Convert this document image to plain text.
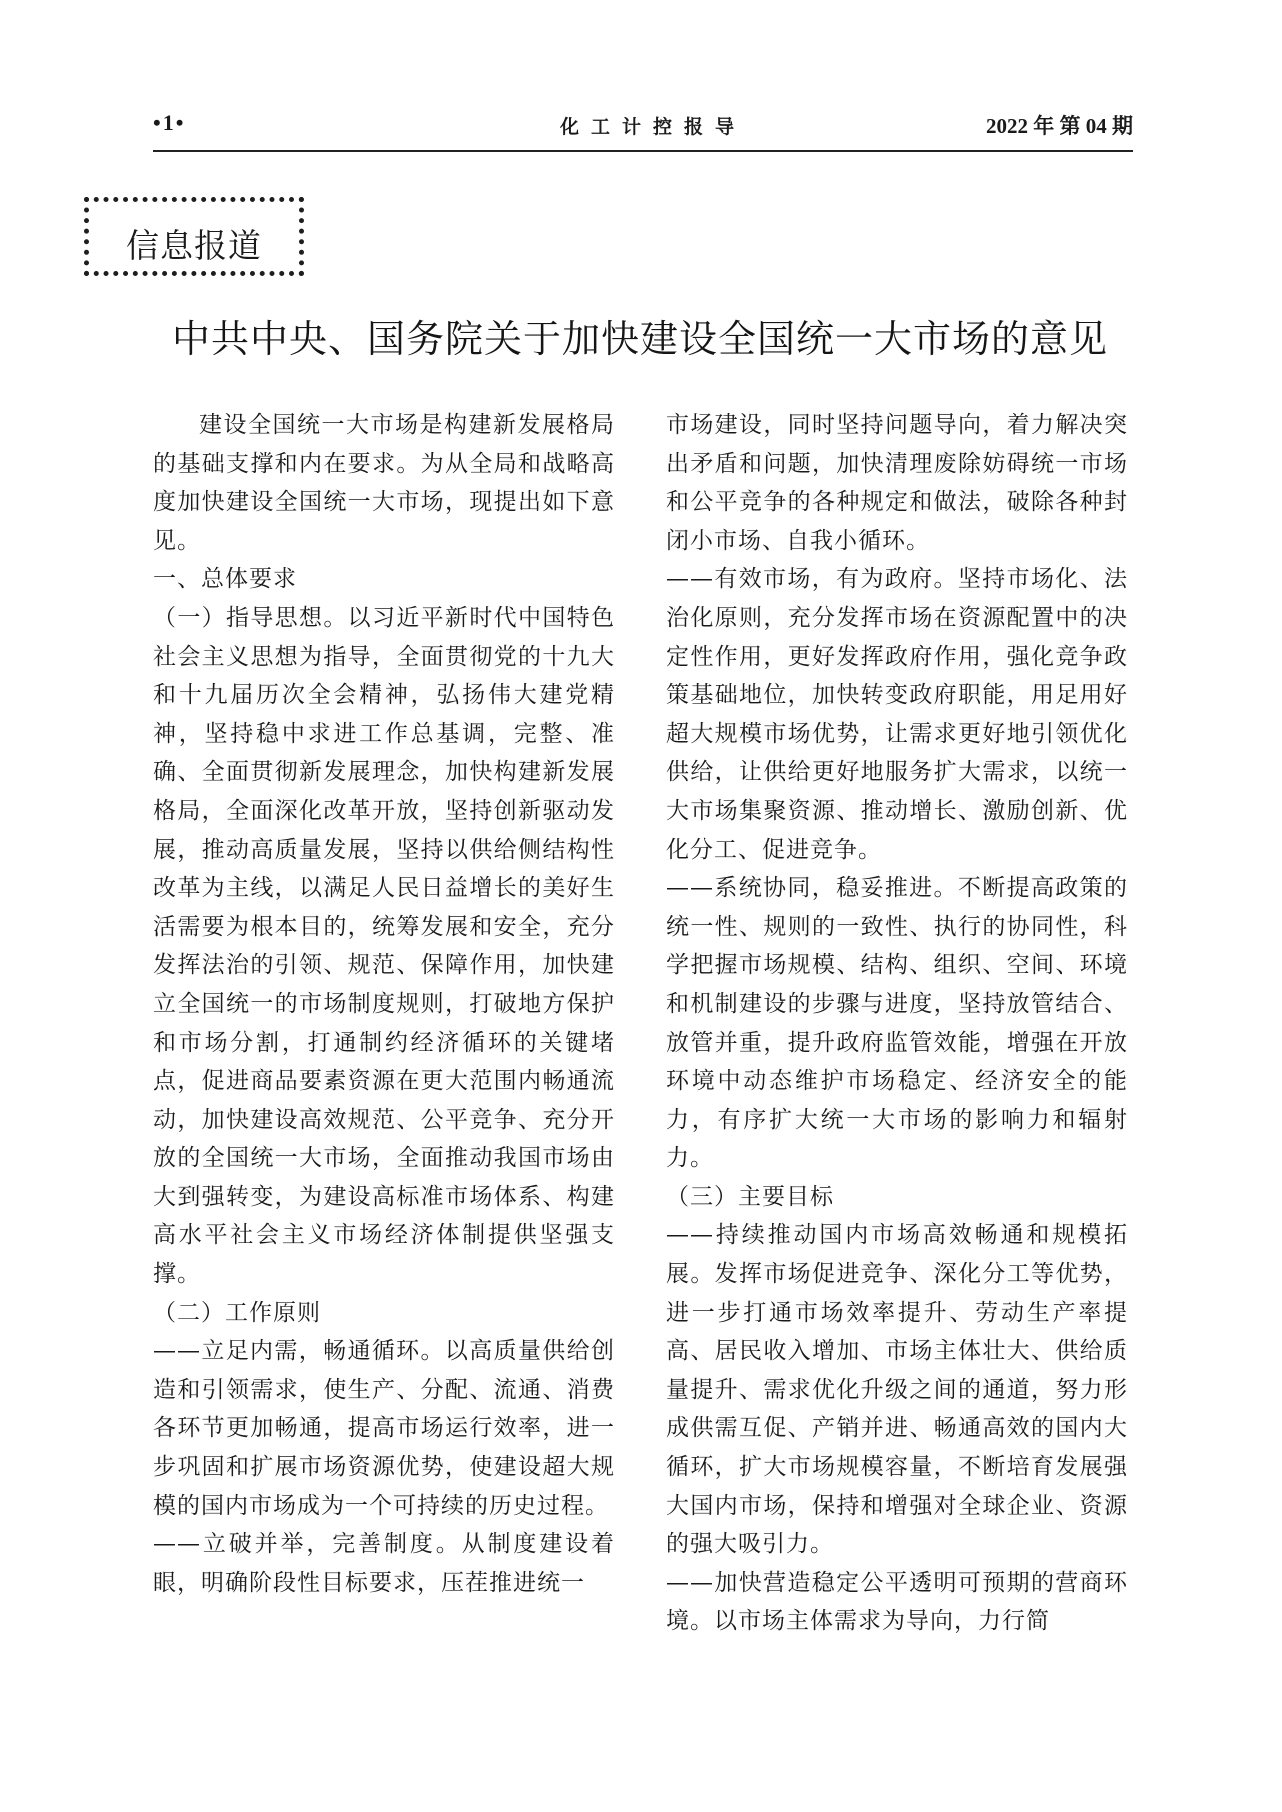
•1•	化工计控报导	2022 年 第 04 期
信息报道
中共中央、国务院关于加快建设全国统一大市场的意见

建设全国统一大市场是构建新发展格局的基础支撑和内在要求。为从全局和战略高度加快建设全国统一大市场，现提出如下意见。

一、总体要求

（一）指导思想。以习近平新时代中国特色社会主义思想为指导，全面贯彻党的十九大和十九届历次全会精神，弘扬伟大建党精神，坚持稳中求进工作总基调，完整、准确、全面贯彻新发展理念，加快构建新发展格局，全面深化改革开放，坚持创新驱动发展，推动高质量发展，坚持以供给侧结构性改革为主线，以满足人民日益增长的美好生活需要为根本目的，统筹发展和安全，充分发挥法治的引领、规范、保障作用，加快建立全国统一的市场制度规则，打破地方保护和市场分割，打通制约经济循环的关键堵点，促进商品要素资源在更大范围内畅通流动，加快建设高效规范、公平竞争、充分开放的全国统一大市场，全面推动我国市场由大到强转变，为建设高标准市场体系、构建高水平社会主义市场经济体制提供坚强支撑。

（二）工作原则

——立足内需，畅通循环。以高质量供给创造和引领需求，使生产、分配、流通、消费各环节更加畅通，提高市场运行效率，进一步巩固和扩展市场资源优势，使建设超大规模的国内市场成为一个可持续的历史过程。

——立破并举，完善制度。从制度建设着眼，明确阶段性目标要求，压茬推进统一

市场建设，同时坚持问题导向，着力解决突出矛盾和问题，加快清理废除妨碍统一市场和公平竞争的各种规定和做法，破除各种封闭小市场、自我小循环。

——有效市场，有为政府。坚持市场化、法治化原则，充分发挥市场在资源配置中的决定性作用，更好发挥政府作用，强化竞争政策基础地位，加快转变政府职能，用足用好超大规模市场优势，让需求更好地引领优化供给，让供给更好地服务扩大需求，以统一大市场集聚资源、推动增长、激励创新、优化分工、促进竞争。

——系统协同，稳妥推进。不断提高政策的统一性、规则的一致性、执行的协同性，科学把握市场规模、结构、组织、空间、环境和机制建设的步骤与进度，坚持放管结合、放管并重，提升政府监管效能，增强在开放环境中动态维护市场稳定、经济安全的能力，有序扩大统一大市场的影响力和辐射力。

（三）主要目标

——持续推动国内市场高效畅通和规模拓展。发挥市场促进竞争、深化分工等优势，进一步打通市场效率提升、劳动生产率提高、居民收入增加、市场主体壮大、供给质量提升、需求优化升级之间的通道，努力形成供需互促、产销并进、畅通高效的国内大循环，扩大市场规模容量，不断培育发展强大国内市场，保持和增强对全球企业、资源的强大吸引力。

——加快营造稳定公平透明可预期的营商环境。以市场主体需求为导向，力行简
